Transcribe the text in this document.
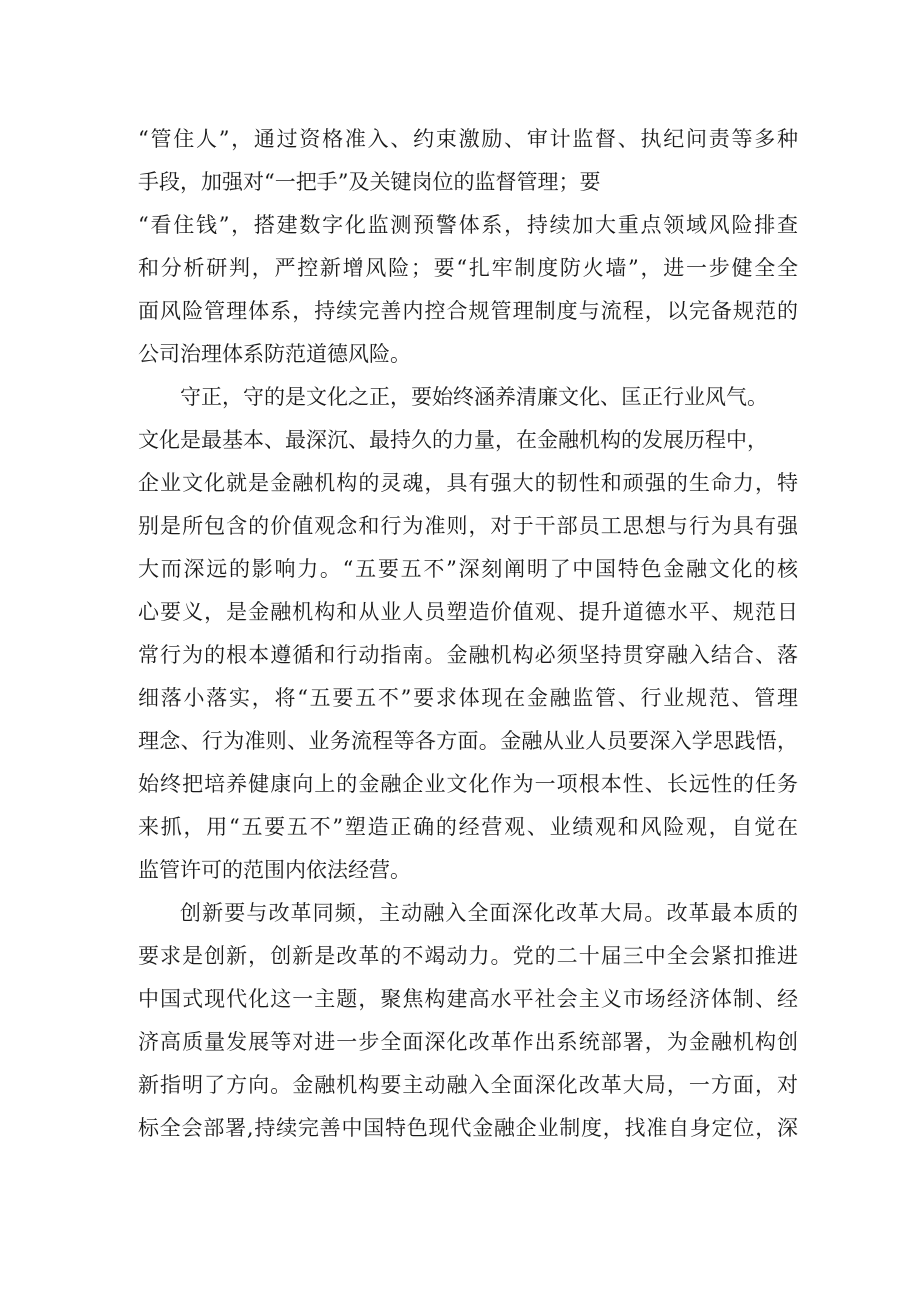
“管住人”，通过资格准入、约束激励、审计监督、执纪问责等多种
手段，加强对“一把手”及关键岗位的监督管理；要
“看住钱”，搭建数字化监测预警体系，持续加大重点领域风险排查
和分析研判，严控新增风险；要“扎牢制度防火墙”，进一步健全全
面风险管理体系，持续完善内控合规管理制度与流程，以完备规范的
公司治理体系防范道德风险。
守正，守的是文化之正，要始终涵养清廉文化、匡正行业风气。
文化是最基本、最深沉、最持久的力量，在金融机构的发展历程中，
企业文化就是金融机构的灵魂，具有强大的韧性和顽强的生命力，特
别是所包含的价值观念和行为准则，对于干部员工思想与行为具有强
大而深远的影响力。“五要五不”深刻阐明了中国特色金融文化的核
心要义，是金融机构和从业人员塑造价值观、提升道德水平、规范日
常行为的根本遵循和行动指南。金融机构必须坚持贯穿融入结合、落
细落小落实，将“五要五不”要求体现在金融监管、行业规范、管理
理念、行为准则、业务流程等各方面。金融从业人员要深入学思践悟，
始终把培养健康向上的金融企业文化作为一项根本性、长远性的任务
来抓，用“五要五不”塑造正确的经营观、业绩观和风险观，自觉在
监管许可的范围内依法经营。
创新要与改革同频，主动融入全面深化改革大局。改革最本质的
要求是创新，创新是改革的不竭动力。党的二十届三中全会紧扣推进
中国式现代化这一主题，聚焦构建高水平社会主义市场经济体制、经
济高质量发展等对进一步全面深化改革作出系统部署，为金融机构创
新指明了方向。金融机构要主动融入全面深化改革大局，一方面，对
标全会部署,持续完善中国特色现代金融企业制度，找准自身定位，深
